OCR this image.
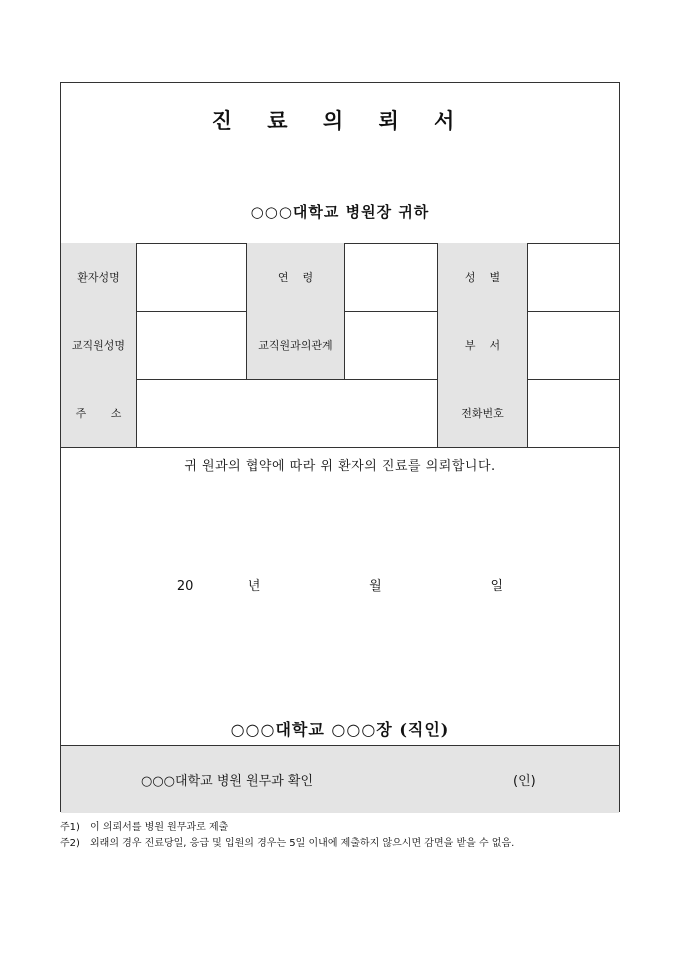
진 료 의 뢰 서
○○○대학교 병원장 귀하
환자성명	연    령	성    별
교직원성명	교직원과의관계	부    서
주       소	전화번호
귀 원과의 협약에 따라 위 환자의 진료를 의뢰합니다.
20   년      월      일
○○○대학교 ○○○장 (직인)
○○○대학교 병원 원무과 확인	(인)
주1)	이 의뢰서를 병원 원무과로 제출
주2)	외래의 경우 진료당일, 응급 및 입원의 경우는 5일 이내에 제출하지 않으시면 감면을 받을 수 없음.
